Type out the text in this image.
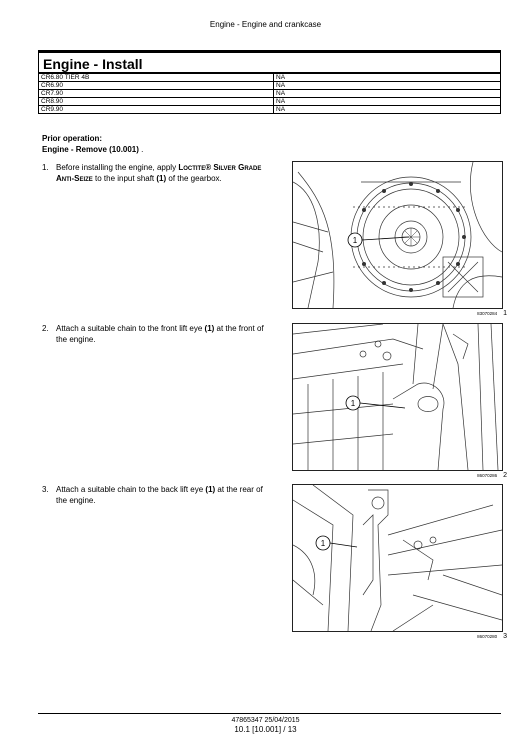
Engine - Engine and crankcase
Engine - Install
CR6.80 TIER 4B	NA
CR6.90	NA
CR7.90	NA
CR8.90	NA
CR9.90	NA
Prior operation:
Engine - Remove (10.001) .
1. Before installing the engine, apply Loctite® Silver Grade Anti-Seize to the input shaft (1) of the gearbox.
1
83070284 1
2. Attach a suitable chain to the front lift eye (1) at the front of the engine.
1
86070286 2
3. Attach a suitable chain to the back lift eye (1) at the rear of the engine.
1
86070280 3
47865347 25/04/2015
10.1 [10.001] / 13
